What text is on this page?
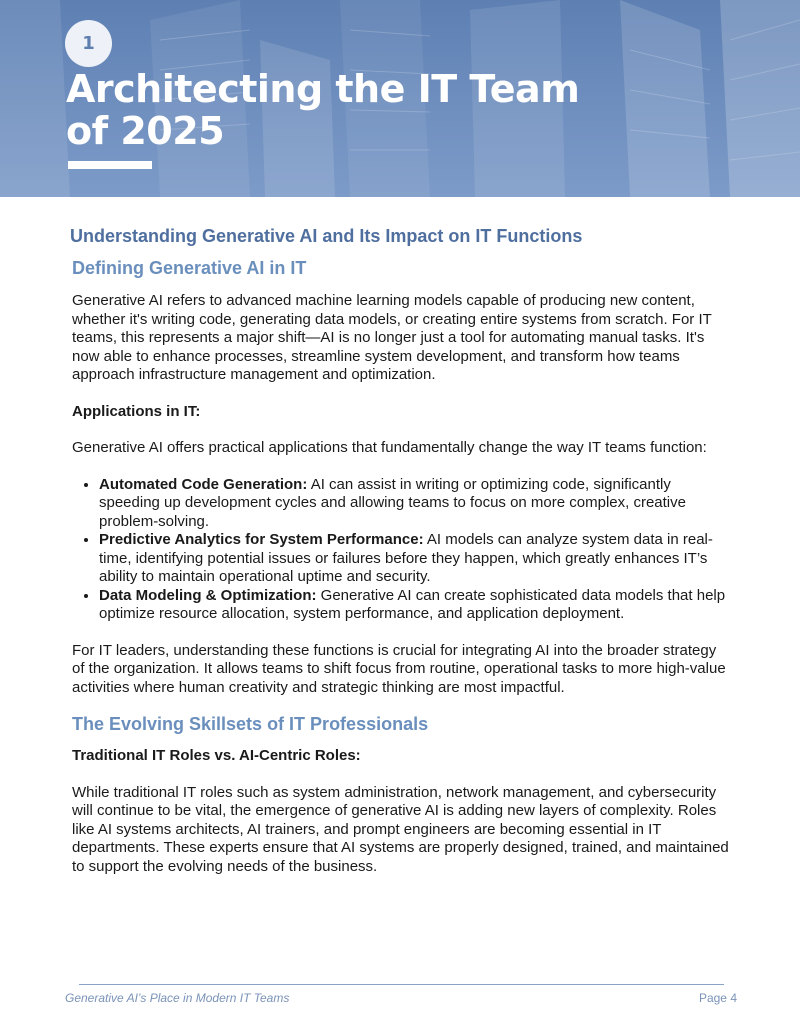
1
Architecting the IT Team of 2025
Understanding Generative AI and Its Impact on IT Functions
Defining Generative AI in IT

Generative AI refers to advanced machine learning models capable of producing new content, whether it's writing code, generating data models, or creating entire systems from scratch. For IT teams, this represents a major shift—AI is no longer just a tool for automating manual tasks. It's now able to enhance processes, streamline system development, and transform how teams approach infrastructure management and optimization.

Applications in IT:

Generative AI offers practical applications that fundamentally change the way IT teams function:

• Automated Code Generation: AI can assist in writing or optimizing code, significantly speeding up development cycles and allowing teams to focus on more complex, creative problem-solving.
• Predictive Analytics for System Performance: AI models can analyze system data in real-time, identifying potential issues or failures before they happen, which greatly enhances IT’s ability to maintain operational uptime and security.
• Data Modeling & Optimization: Generative AI can create sophisticated data models that help optimize resource allocation, system performance, and application deployment.

For IT leaders, understanding these functions is crucial for integrating AI into the broader strategy of the organization. It allows teams to shift focus from routine, operational tasks to more high-value activities where human creativity and strategic thinking are most impactful.

The Evolving Skillsets of IT Professionals

Traditional IT Roles vs. AI-Centric Roles:

While traditional IT roles such as system administration, network management, and cybersecurity will continue to be vital, the emergence of generative AI is adding new layers of complexity. Roles like AI systems architects, AI trainers, and prompt engineers are becoming essential in IT departments. These experts ensure that AI systems are properly designed, trained, and maintained to support the evolving needs of the business.

Generative AI’s Place in Modern IT Teams	Page 4
